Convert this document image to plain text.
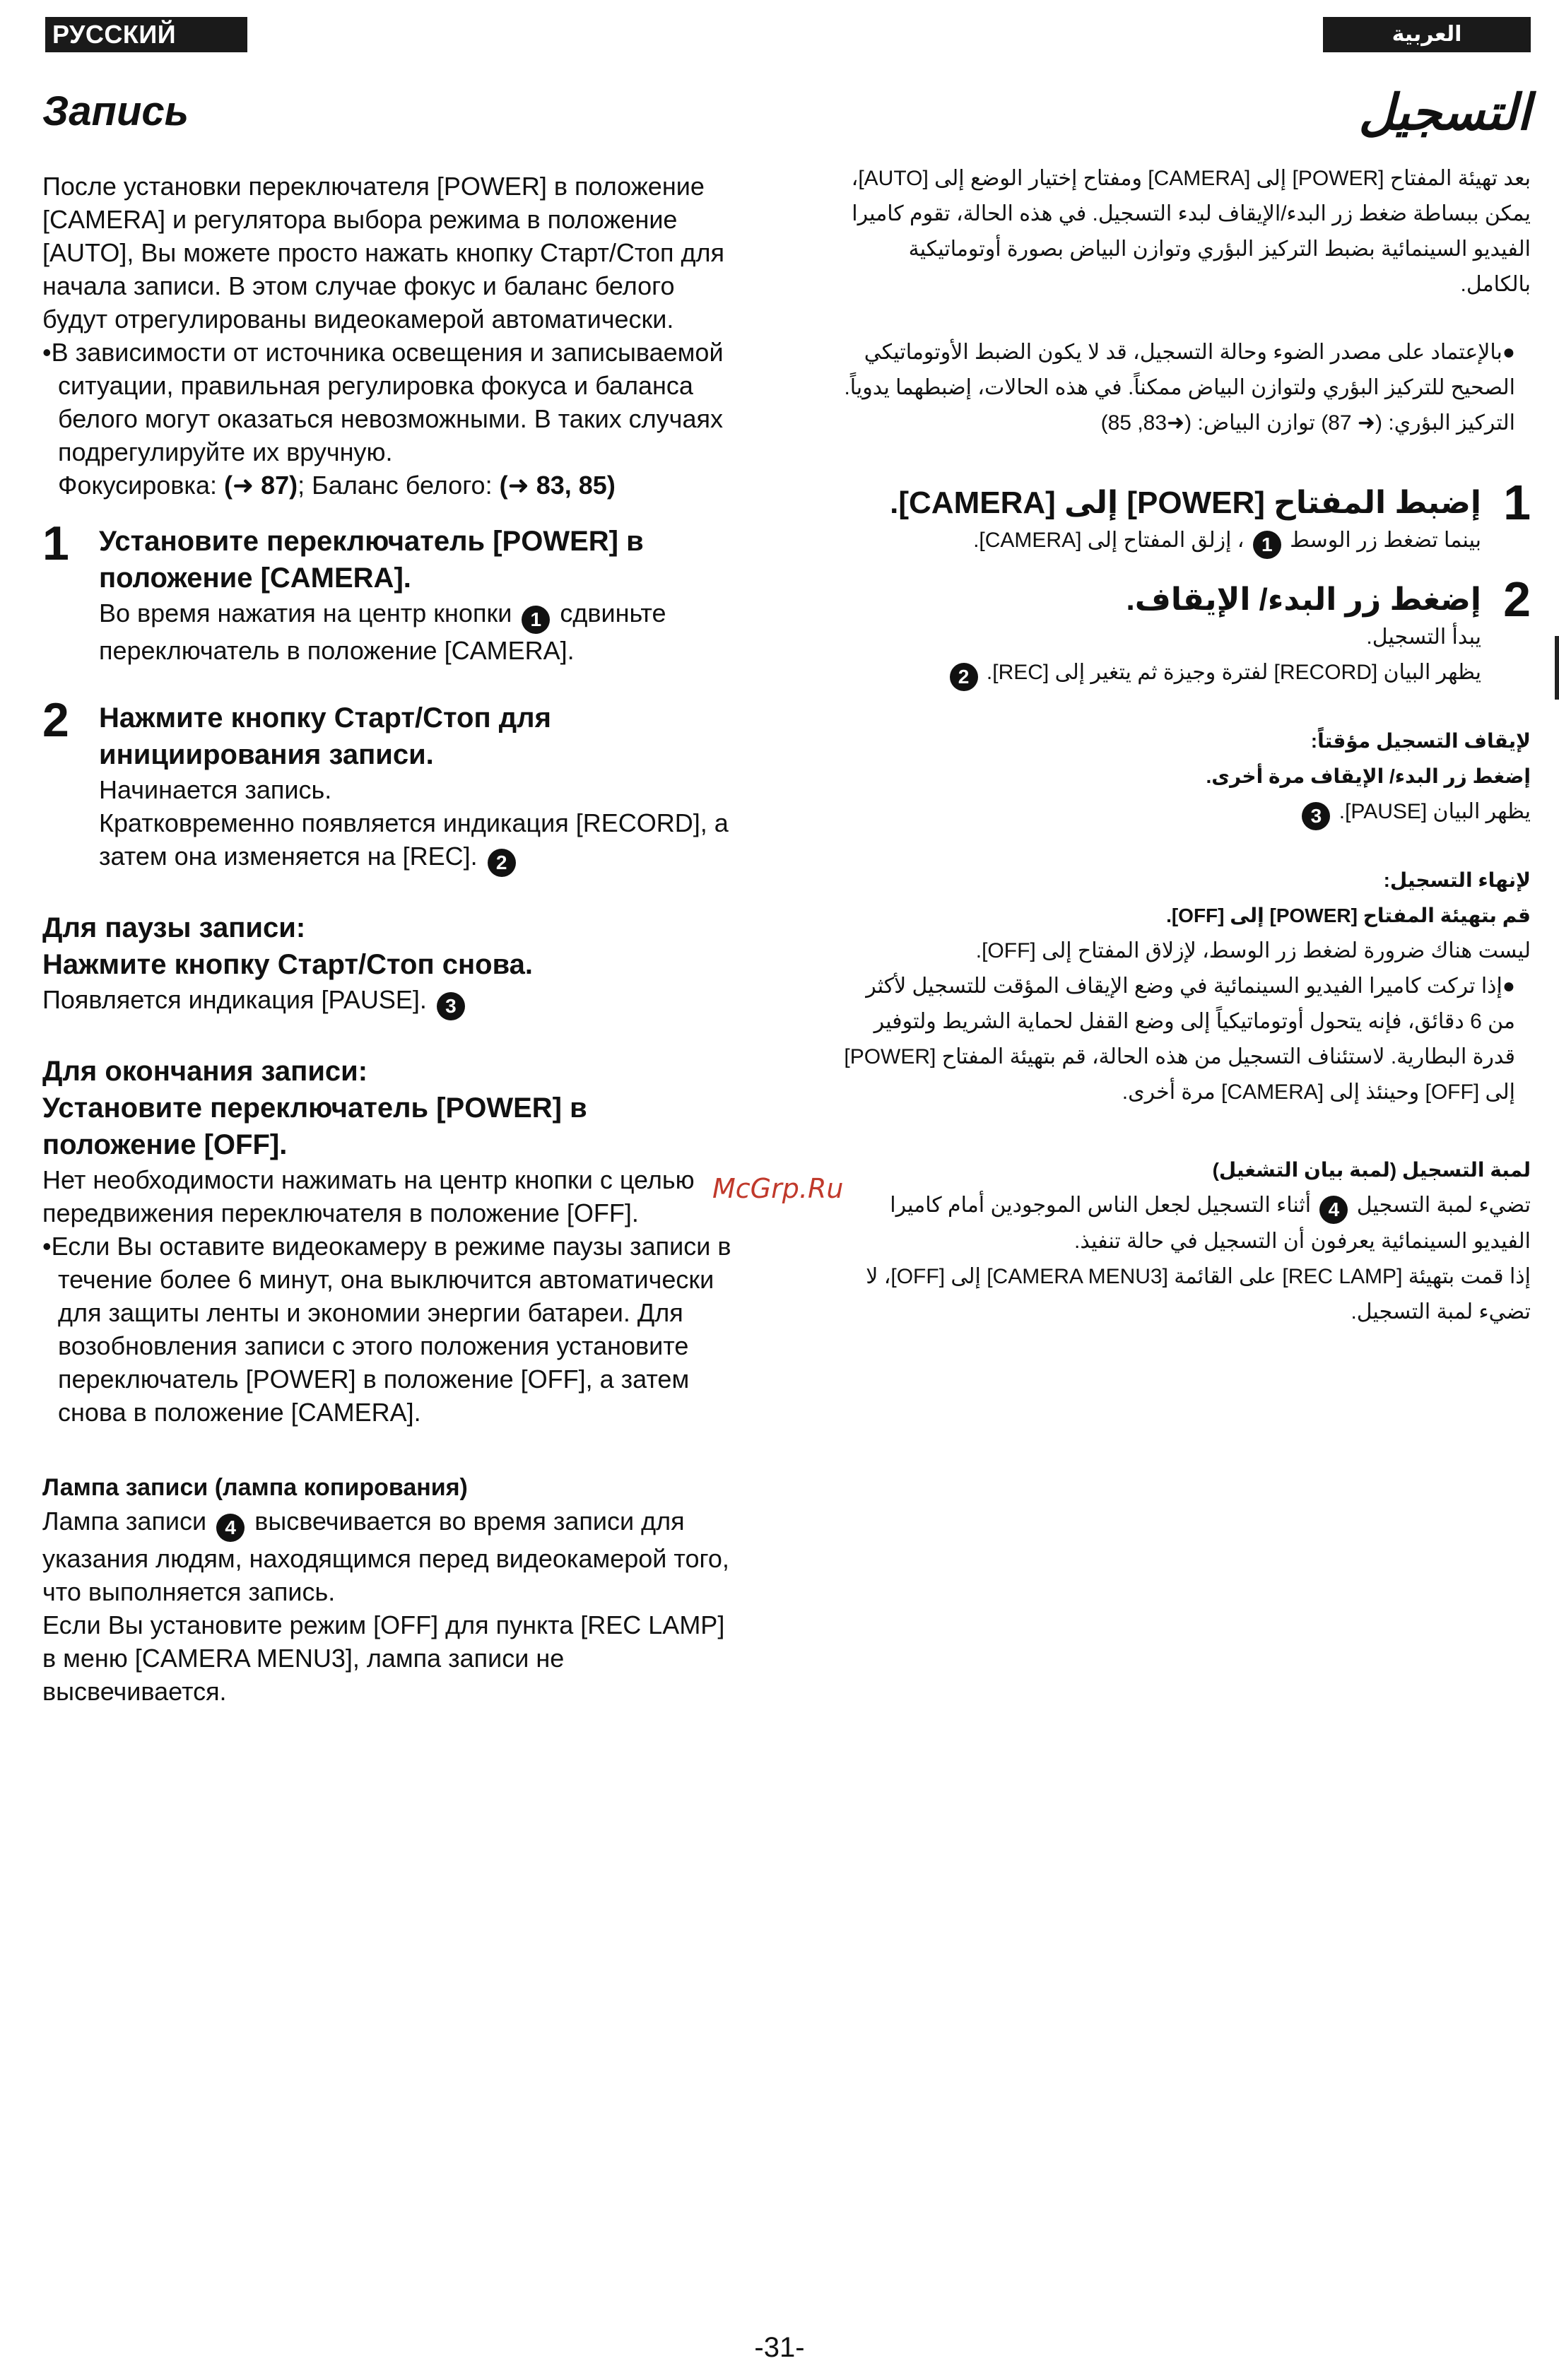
РУССКИЙ ЯЗЫК
العربية
Запись	التسجيل

После установки переключателя [POWER] в положение [CAMERA] и регулятора выбора режима в положение [AUTO], Вы можете просто нажать кнопку Старт/Стоп для начала записи. В этом случае фокус и баланс белого будут отрегулированы видеокамерой автоматически.

•В зависимости от источника освещения и записываемой ситуации, правильная регулировка фокуса и баланса белого могут оказаться невозможными. В таких случаях подрегулируйте их вручную.

Фокусировка: (➜ 87); Баланс белого: (➜ 83, 85)

1 Установите переключатель [POWER] в положение [CAMERA].

Во время нажатия на центр кнопки 1 сдвиньте переключатель в положение [CAMERA].

2 Нажмите кнопку Старт/Стоп для инициирования записи.

Начинается запись.

Кратковременно появляется индикация [RECORD], а затем она изменяется на [REC]. 2

Для паузы записи:

Нажмите кнопку Старт/Стоп снова.

Появляется индикация [PAUSE]. 3

Для окончания записи:

Установите переключатель [POWER] в положение [OFF].

Нет необходимости нажимать на центр кнопки с целью передвижения переключателя в положение [OFF].

•Если Вы оставите видеокамеру в режиме паузы записи в течение более 6 минут, она выключится автоматически для защиты ленты и экономии энергии батареи. Для возобновления записи с этого положения установите переключатель [POWER] в положение [OFF], а затем снова в положение [CAMERA].

Лампа записи (лампа копирования)

Лампа записи 4 высвечивается во время записи для указания людям, находящимся перед видеокамерой того, что выполняется запись.

Если Вы установите режим [OFF] для пункта [REC LAMP] в меню [CAMERA MENU3], лампа записи не высвечивается.

بعد تهيئة المفتاح [POWER] إلى [CAMERA] ومفتاح إختيار الوضع إلى [AUTO]، يمكن ببساطة ضغط زر البدء/الإيقاف لبدء التسجيل. في هذه الحالة، تقوم كاميرا الفيديو السينمائية بضبط التركيز البؤري وتوازن البياض بصورة أوتوماتيكية بالكامل.

●بالإعتماد على مصدر الضوء وحالة التسجيل، قد لا يكون الضبط الأوتوماتيكي الصحيح للتركيز البؤري ولتوازن البياض ممكناً. في هذه الحالات، إضبطهما يدوياً.

التركيز البؤري: (➜ 87) توازن البياض: (➜83, 85)

1

إضبط المفتاح [POWER] إلى [CAMERA].

بينما تضغط زر الوسط 1 ، إزلق المفتاح إلى [CAMERA].

2

إضغط زر البدء/ الإيقاف.

يبدأ التسجيل.

يظهر البيان [RECORD] لفترة وجيزة ثم يتغير إلى [REC]. 2

لإيقاف التسجيل مؤقتاً:

إضغط زر البدء/ الإيقاف مرة أخرى.

يظهر البيان [PAUSE]. 3

لإنهاء التسجيل:

قم بتهيئة المفتاح [POWER] إلى [OFF].

ليست هناك ضرورة لضغط زر الوسط، لإزلاق المفتاح إلى [OFF].

●إذا تركت كاميرا الفيديو السينمائية في وضع الإيقاف المؤقت للتسجيل لأكثر من 6 دقائق، فإنه يتحول أوتوماتيكياً إلى وضع القفل لحماية الشريط ولتوفير قدرة البطارية. لاستئناف التسجيل من هذه الحالة، قم بتهيئة المفتاح [POWER] إلى [OFF] وحينئذ إلى [CAMERA] مرة أخرى.

لمبة التسجيل (لمبة بيان التشغيل)

تضيء لمبة التسجيل 4 أثناء التسجيل لجعل الناس الموجودين أمام كاميرا الفيديو السينمائية يعرفون أن التسجيل في حالة تنفيذ.

إذا قمت بتهيئة [REC LAMP] على القائمة [CAMERA MENU3] إلى [OFF]، لا تضيء لمبة التسجيل.

McGrp.Ru
-31-
